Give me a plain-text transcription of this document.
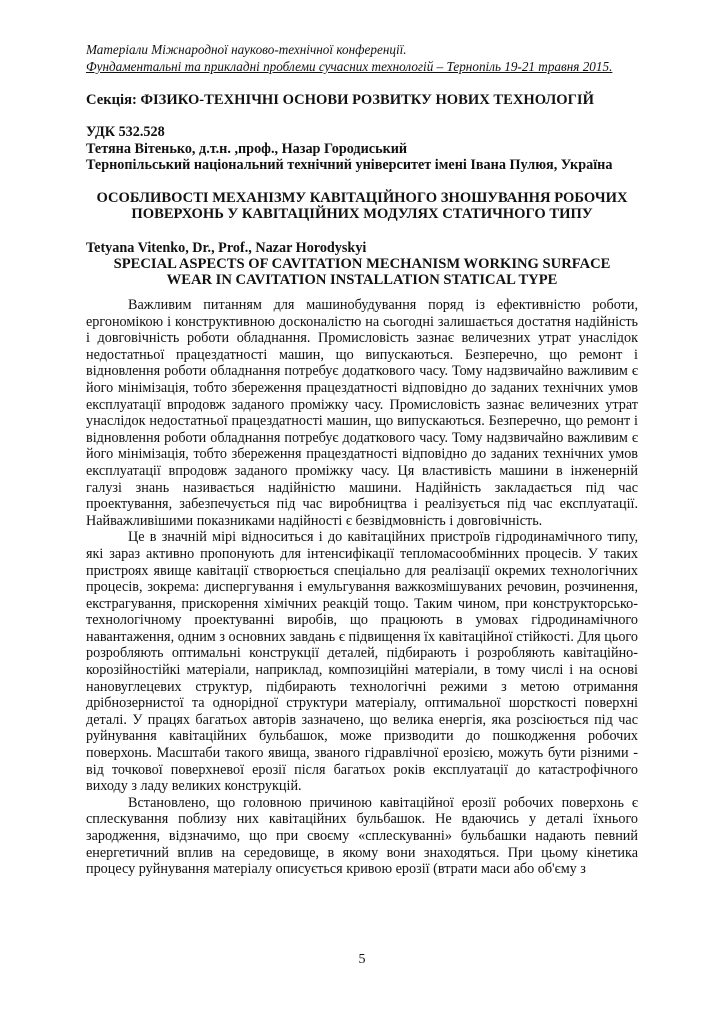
Матеріали Міжнародної науково-технічної конференції.
Фундаментальні та прикладні проблеми сучасних технологій – Тернопіль 19-21 травня 2015.
Секція: ФІЗИКО-ТЕХНІЧНІ ОСНОВИ РОЗВИТКУ НОВИХ ТЕХНОЛОГІЙ
УДК 532.528
Тетяна Вітенько, д.т.н. ,проф., Назар Городиський
Тернопільський національний технічний університет імені Івана Пулюя, Україна
ОСОБЛИВОСТІ МЕХАНІЗМУ КАВІТАЦІЙНОГО ЗНОШУВАННЯ РОБОЧИХ
ПОВЕРХОНЬ У КАВІТАЦІЙНИХ МОДУЛЯХ СТАТИЧНОГО ТИПУ
Tetyana Vitenko, Dr., Prof., Nazar Horodyskyi
SPECIAL ASPECTS OF CAVITATION MECHANISM WORKING SURFACE
WEAR IN CAVITATION INSTALLATION STATICAL TYPE

Важливим питанням для машинобудування поряд із ефективністю роботи, ергономікою і конструктивною досконалістю на сьогодні залишається достатня надійність і довговічність роботи обладнання. Промисловість зазнає величезних утрат унаслідок недостатньої працездатності машин, що випускаються. Безперечно, що ремонт і відновлення роботи обладнання потребує додаткового часу. Тому надзвичайно важливим є його мінімізація, тобто збереження працездатності відповідно до заданих технічних умов експлуатації впродовж заданого проміжку часу. Промисловість зазнає величезних утрат унаслідок недостатньої працездатності машин, що випускаються. Безперечно, що ремонт і відновлення роботи обладнання потребує додаткового часу. Тому надзвичайно важливим є його мінімізація, тобто збереження працездатності відповідно до заданих технічних умов експлуатації впродовж заданого проміжку часу. Ця властивість машини в інженерній галузі знань називається надійністю машини. Надійність закладається під час проектування, забезпечується під час виробництва і реалізується під час експлуатації. Найважливішими показниками надійності є безвідмовність і довговічність.

Це в значній мірі відноситься і до кавітаційних пристроїв гідродинамічного типу, які зараз активно пропонують для інтенсифікації тепломасообмінних процесів. У таких пристроях явище кавітації створюється спеціально для реалізації окремих технологічних процесів, зокрема: диспергування і емульгування важкозмішуваних речовин, розчинення, екстрагування, прискорення хімічних реакцій тощо. Таким чином, при конструкторсько-технологічному проектуванні виробів, що працюють в умовах гідродинамічного навантаження, одним з основних завдань є підвищення їх кавітаційної стійкості. Для цього розробляють оптимальні конструкції деталей, підбирають і розробляють кавітаційно-корозійностійкі матеріали, наприклад, композиційні матеріали, в тому числі і на основі нановуглецевих структур, підбирають технологічні режими з метою отримання дрібнозернистої та однорідної структури матеріалу, оптимальної шорсткості поверхні деталі. У працях багатьох авторів зазначено, що велика енергія, яка розсіюється під час руйнування кавітаційних бульбашок, може призводити до пошкодження робочих поверхонь. Масштаби такого явища, званого гідравлічної ерозією, можуть бути різними - від точкової поверхневої ерозії після багатьох років експлуатації до катастрофічного виходу з ладу великих конструкцій.

Встановлено, що головною причиною кавітаційної ерозії робочих поверхонь є сплескування поблизу них кавітаційних бульбашок. Не вдаючись у деталі їхнього зародження, відзначимо, що при своєму «сплескуванні» бульбашки надають певний енергетичний вплив на середовище, в якому вони знаходяться. При цьому кінетика процесу руйнування матеріалу описується кривою ерозії (втрати маси або об'єму з

5
